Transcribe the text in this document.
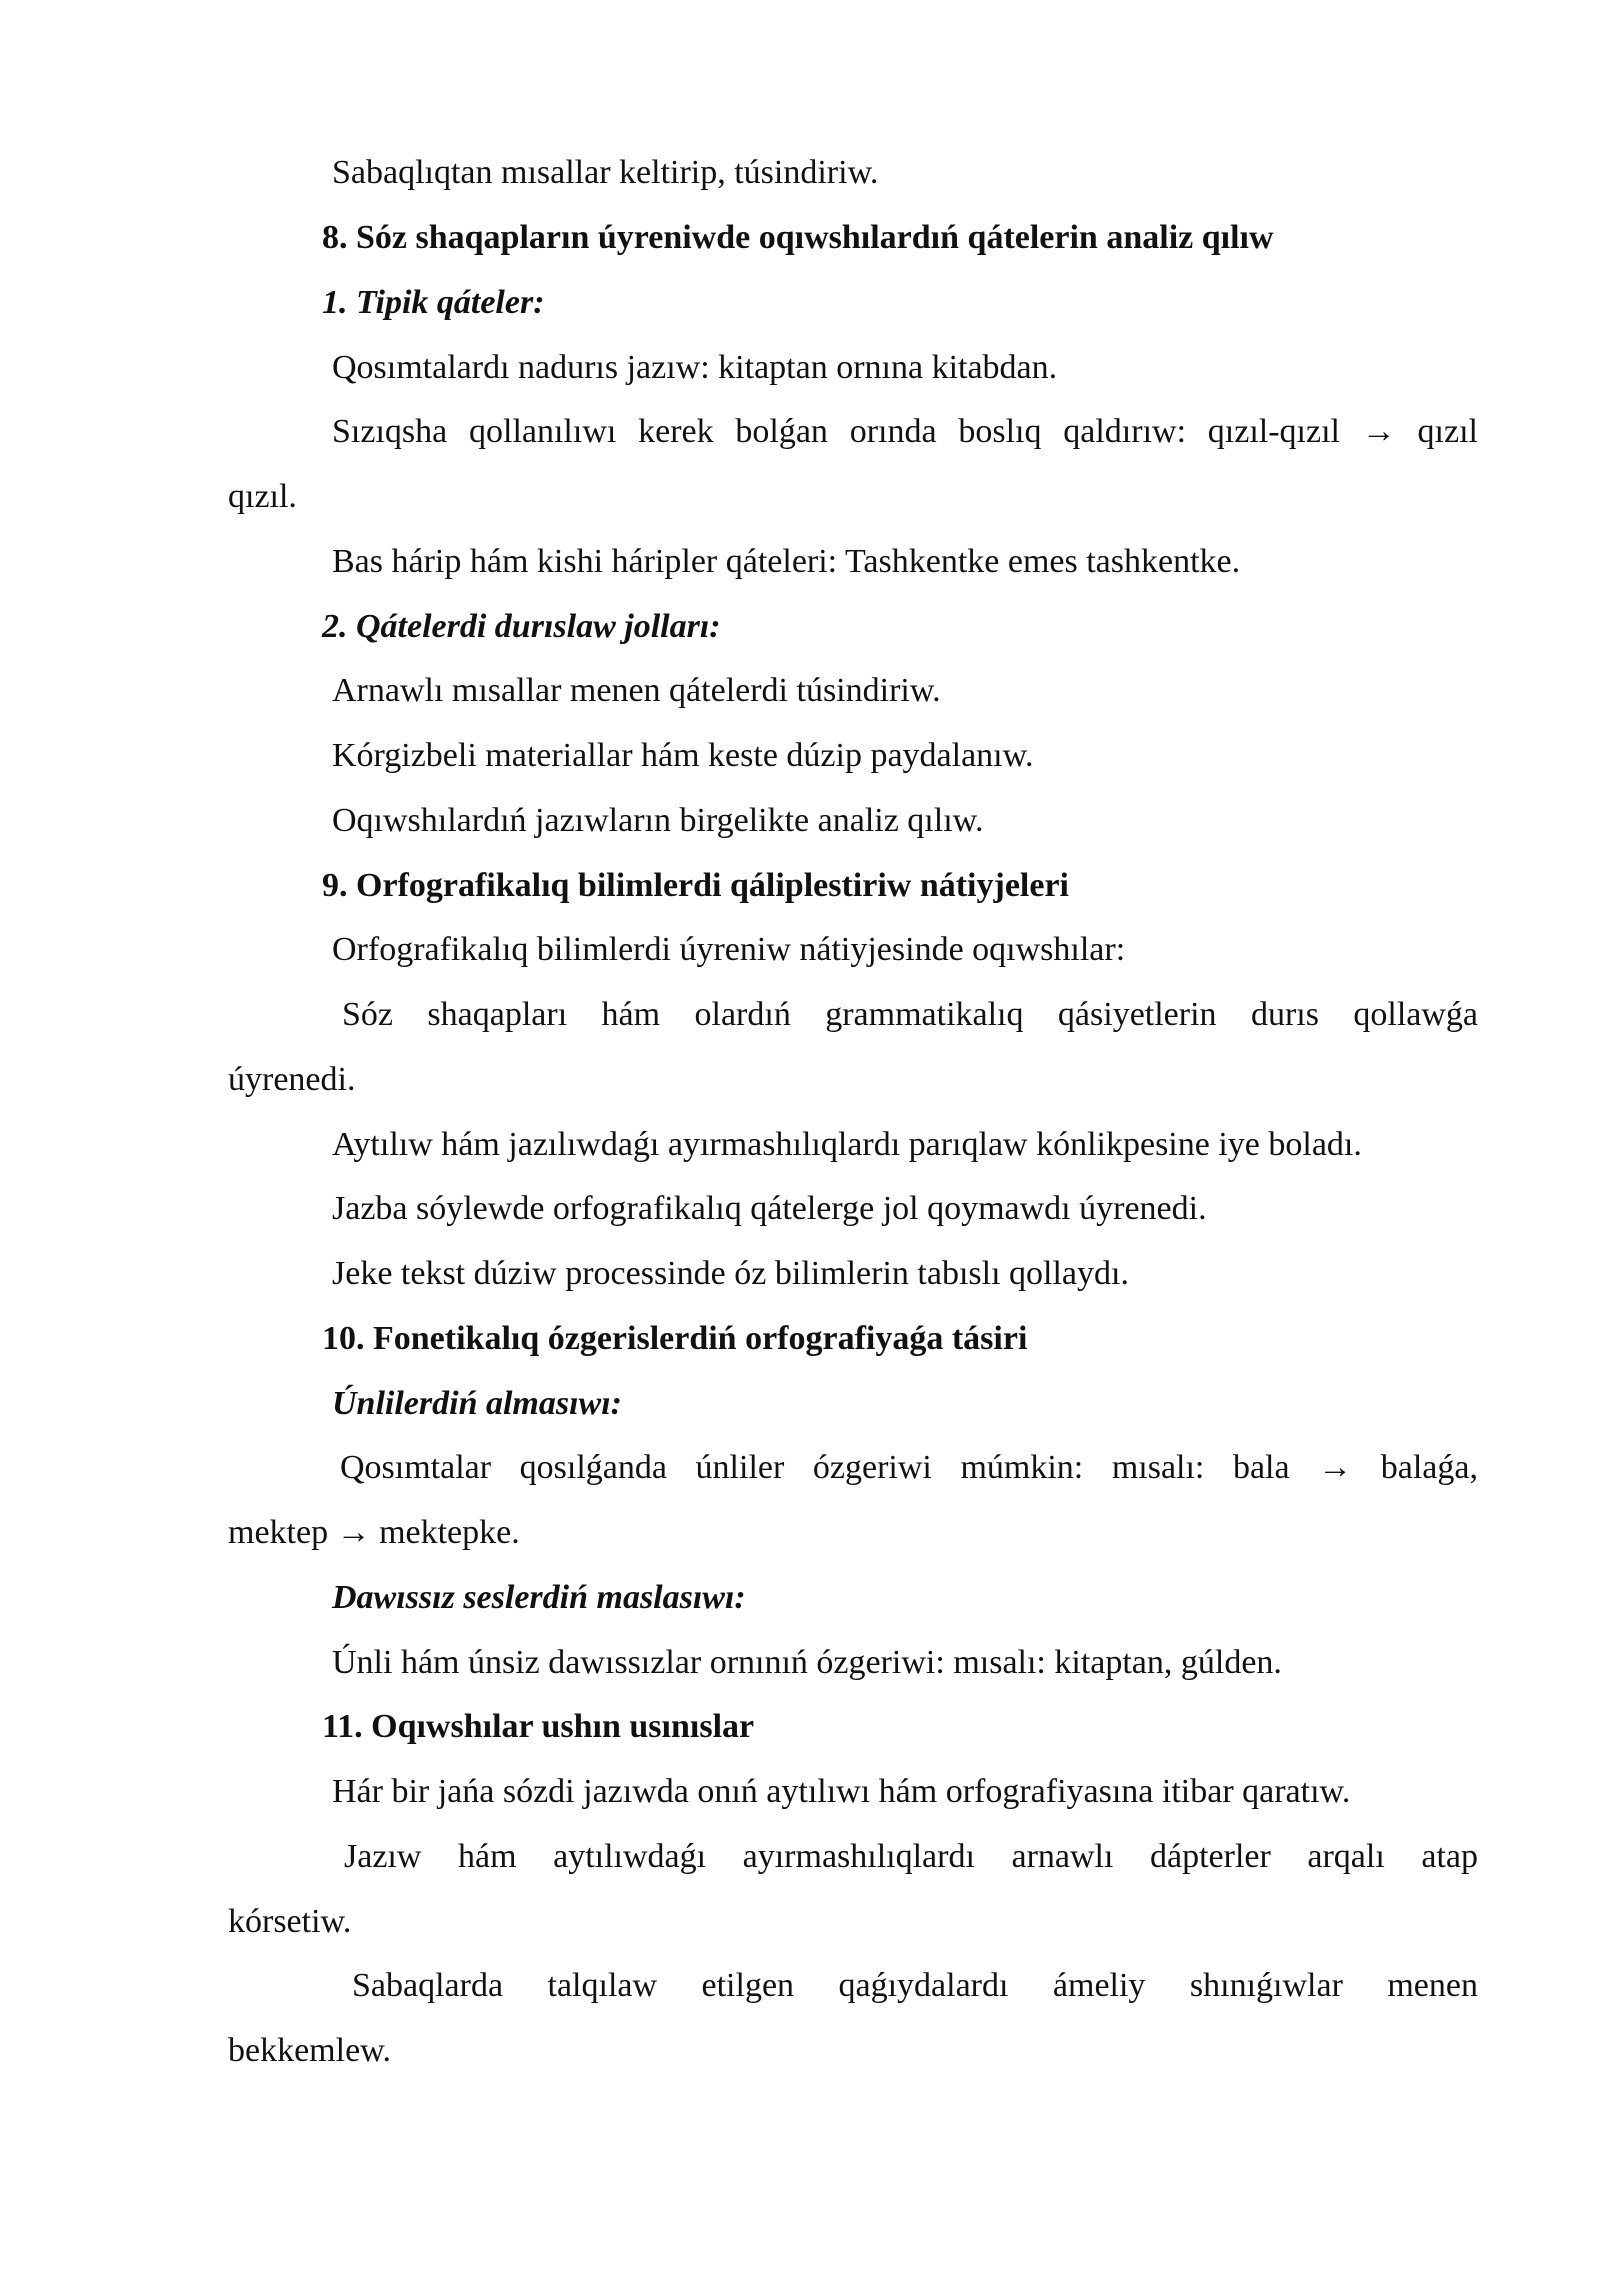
Sabaqlıqtan mısallar keltirip, túsindiriw.
8. Sóz shaqapların úyreniwde oqıwshılardıń qátelerin analiz qılıw
1. Tipik qáteler:
Qosımtalardı nadurıs jazıw: kitaptan ornına kitabdan.
Sızıqsha qollanılıwı kerek bolǵan orında boslıq qaldırıw: qızıl-qızıl → qızıl
qızıl.
Bas hárip hám kishi háripler qáteleri: Tashkentke emes tashkentke.
2. Qátelerdi durıslaw jolları:
Arnawlı mısallar menen qátelerdi túsindiriw.
Kórgizbeli materiallar hám keste dúzip paydalanıw.
Oqıwshılardıń jazıwların birgelikte analiz qılıw.
9. Orfografikalıq bilimlerdi qáliplestiriw nátiyjeleri
Orfografikalıq bilimlerdi úyreniw nátiyjesinde oqıwshılar:
Sóz shaqapları hám olardıń grammatikalıq qásiyetlerin durıs qollawǵa
úyrenedi.
Aytılıw hám jazılıwdaǵı ayırmashılıqlardı parıqlaw kónlikpesine iye boladı.
Jazba sóylewde orfografikalıq qátelerge jol qoymawdı úyrenedi.
Jeke tekst dúziw processinde óz bilimlerin tabıslı qollaydı.
10. Fonetikalıq ózgerislerdiń orfografiyaǵa tásiri
Únlilerdiń almasıwı:
Qosımtalar qosılǵanda únliler ózgeriwi múmkin: mısalı: bala → balaǵa,
mektep → mektepke.
Dawıssız seslerdiń maslasıwı:
Únli hám únsiz dawıssızlar ornınıń ózgeriwi: mısalı: kitaptan, gúlden.
11. Oqıwshılar ushın usınıslar
Hár bir jańa sózdi jazıwda onıń aytılıwı hám orfografiyasına itibar qaratıw.
Jazıw hám aytılıwdaǵı ayırmashılıqlardı arnawlı dápterler arqalı atap
kórsetiw.
Sabaqlarda talqılaw etilgen qaǵıydalardı ámeliy shınıǵıwlar menen
bekkemlew.
